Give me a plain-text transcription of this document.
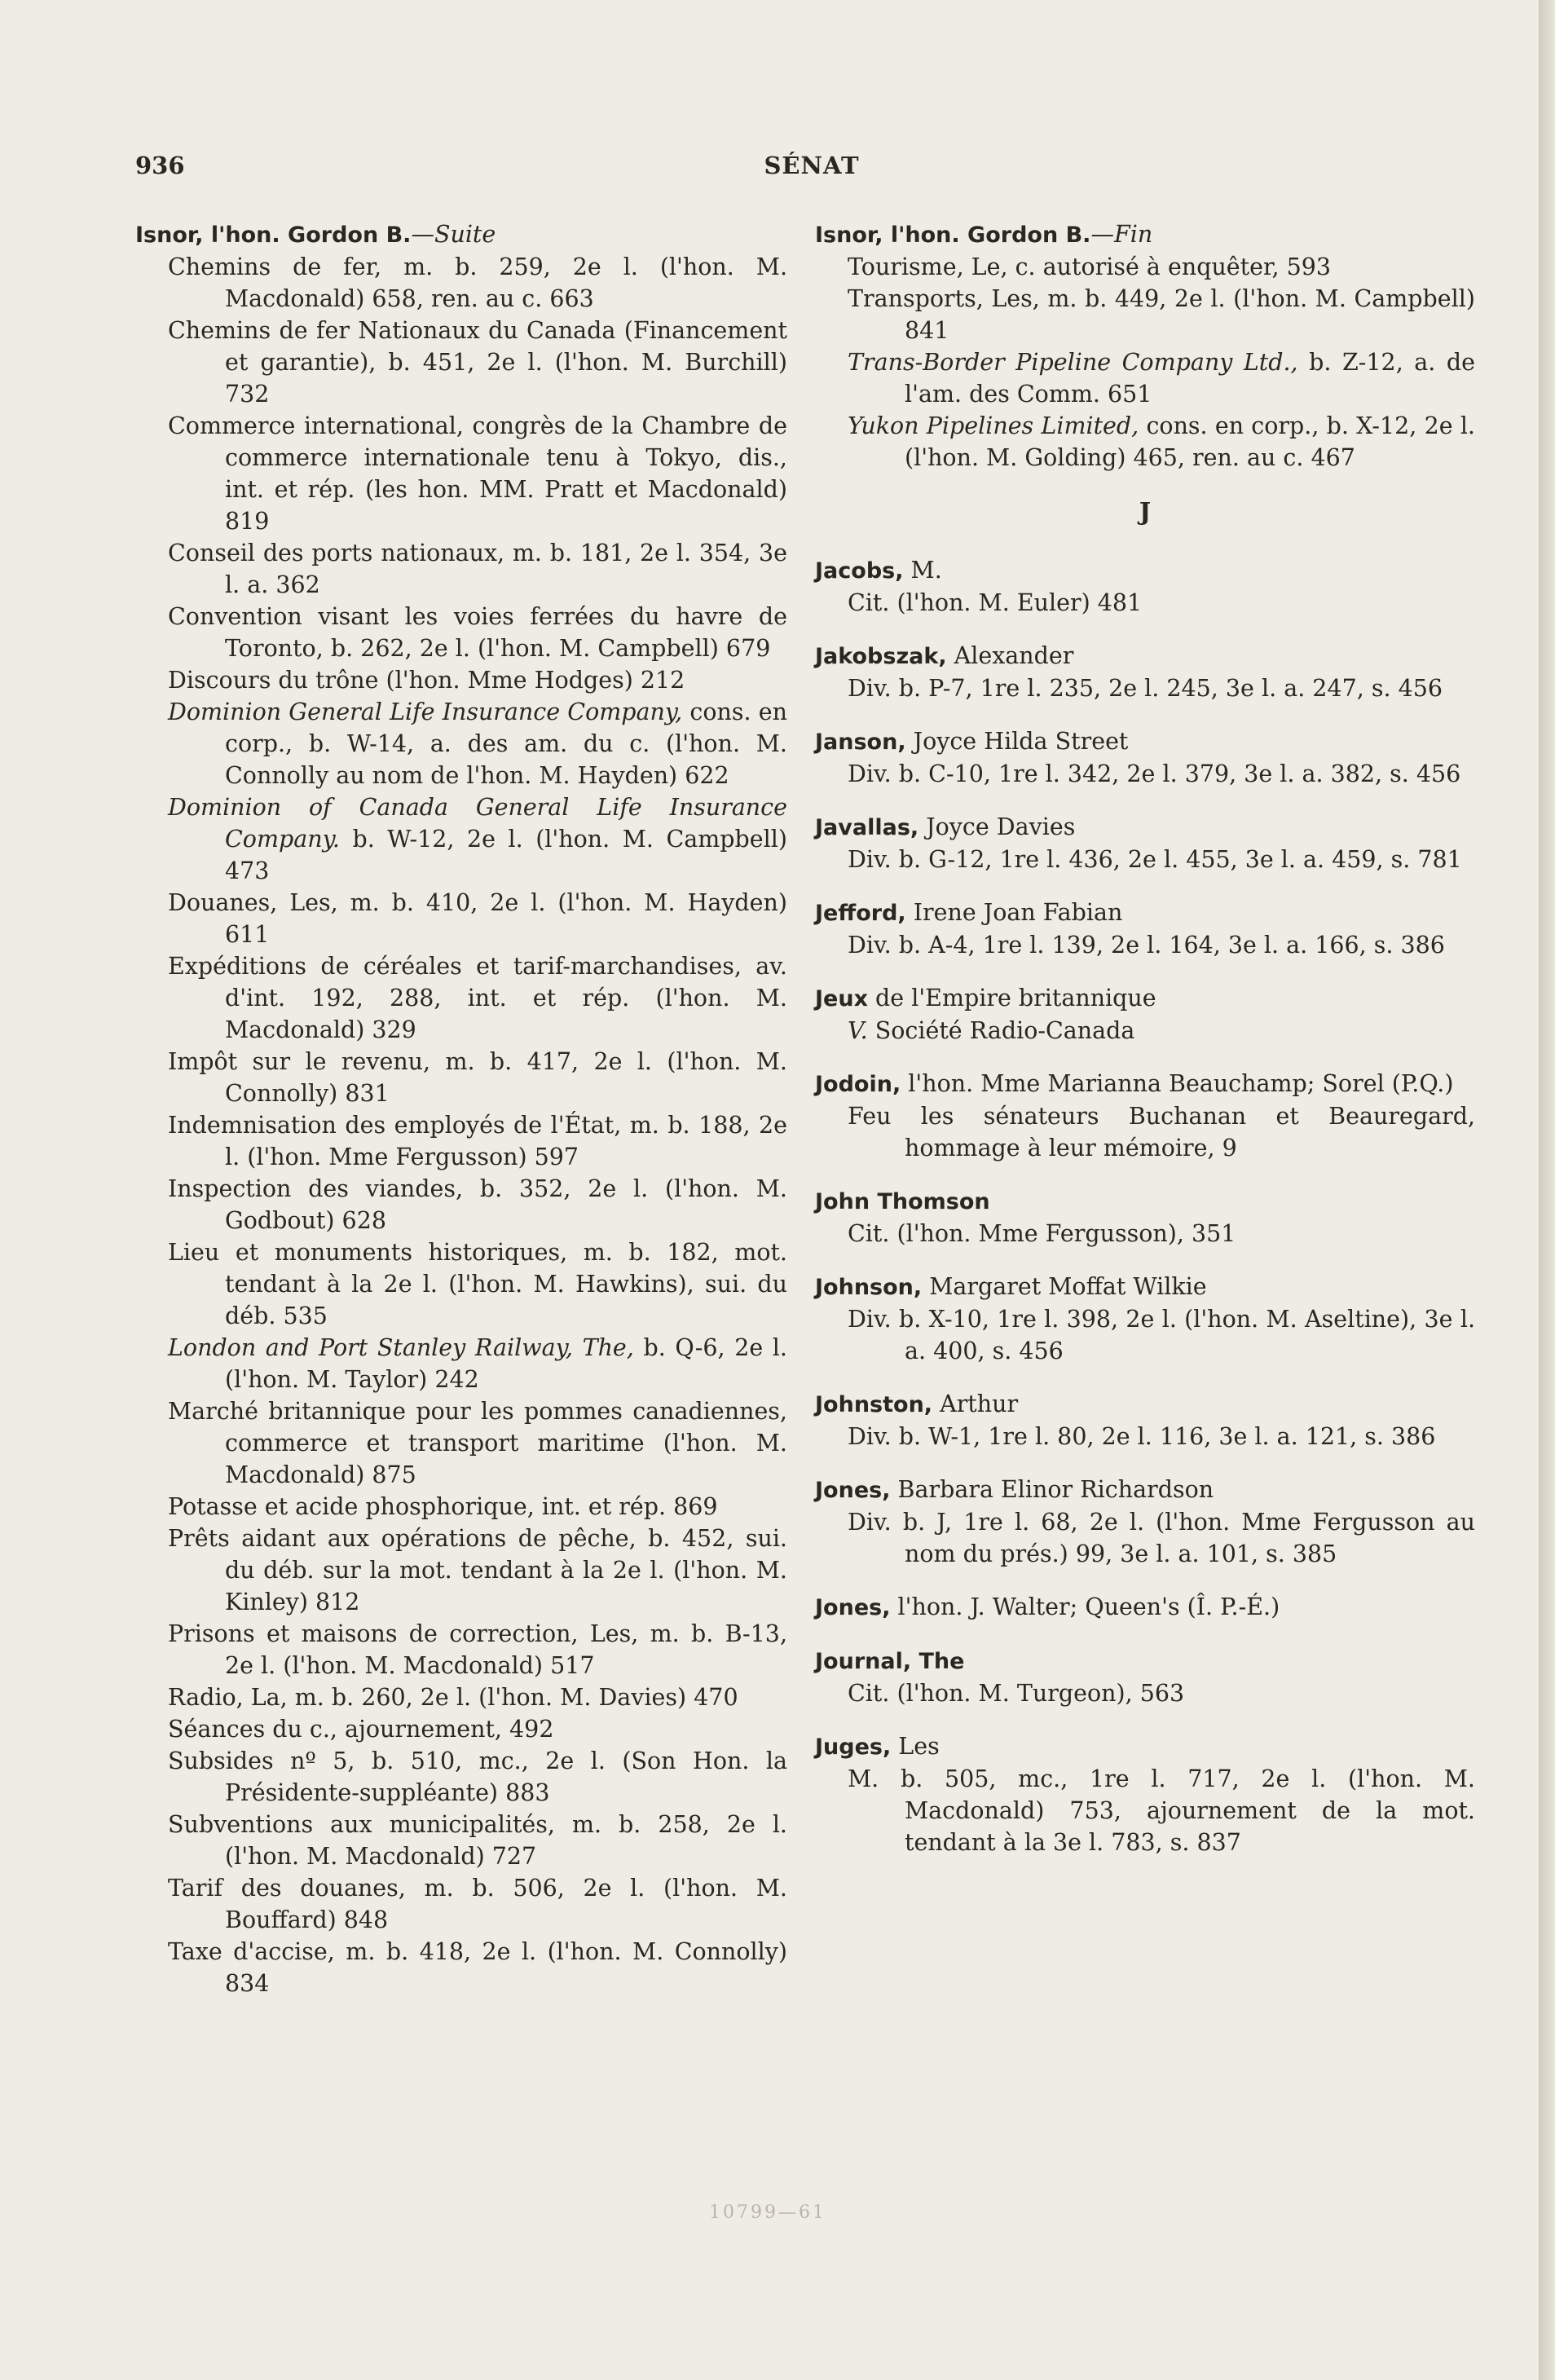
936	SÉNAT
Isnor, l'hon. Gordon B.—Suite
Chemins de fer, m. b. 259, 2e l. (l'hon. M. Macdonald) 658, ren. au c. 663
Chemins de fer Nationaux du Canada (Financement et garantie), b. 451, 2e l. (l'hon. M. Burchill) 732
Commerce international, congrès de la Chambre de commerce internationale tenu à Tokyo, dis., int. et rép. (les hon. MM. Pratt et Macdonald) 819
Conseil des ports nationaux, m. b. 181, 2e l. 354, 3e l. a. 362
Convention visant les voies ferrées du havre de Toronto, b. 262, 2e l. (l'hon. M. Campbell) 679
Discours du trône (l'hon. Mme Hodges) 212
Dominion General Life Insurance Company, cons. en corp., b. W-14, a. des am. du c. (l'hon. M. Connolly au nom de l'hon. M. Hayden) 622
Dominion of Canada General Life Insurance Company. b. W-12, 2e l. (l'hon. M. Campbell) 473
Douanes, Les, m. b. 410, 2e l. (l'hon. M. Hayden) 611
Expéditions de céréales et tarif-marchandises, av. d'int. 192, 288, int. et rép. (l'hon. M. Macdonald) 329
Impôt sur le revenu, m. b. 417, 2e l. (l'hon. M. Connolly) 831
Indemnisation des employés de l'État, m. b. 188, 2e l. (l'hon. Mme Fergusson) 597
Inspection des viandes, b. 352, 2e l. (l'hon. M. Godbout) 628
Lieu et monuments historiques, m. b. 182, mot. tendant à la 2e l. (l'hon. M. Hawkins), sui. du déb. 535
London and Port Stanley Railway, The, b. Q-6, 2e l. (l'hon. M. Taylor) 242
Marché britannique pour les pommes canadiennes, commerce et transport maritime (l'hon. M. Macdonald) 875
Potasse et acide phosphorique, int. et rép. 869
Prêts aidant aux opérations de pêche, b. 452, sui. du déb. sur la mot. tendant à la 2e l. (l'hon. M. Kinley) 812
Prisons et maisons de correction, Les, m. b. B-13, 2e l. (l'hon. M. Macdonald) 517
Radio, La, m. b. 260, 2e l. (l'hon. M. Davies) 470
Séances du c., ajournement, 492
Subsides nº 5, b. 510, mc., 2e l. (Son Hon. la Présidente-suppléante) 883
Subventions aux municipalités, m. b. 258, 2e l. (l'hon. M. Macdonald) 727
Tarif des douanes, m. b. 506, 2e l. (l'hon. M. Bouffard) 848
Taxe d'accise, m. b. 418, 2e l. (l'hon. M. Connolly) 834
Isnor, l'hon. Gordon B.—Fin
Tourisme, Le, c. autorisé à enquêter, 593
Transports, Les, m. b. 449, 2e l. (l'hon. M. Campbell) 841
Trans-Border Pipeline Company Ltd., b. Z-12, a. de l'am. des Comm. 651
Yukon Pipelines Limited, cons. en corp., b. X-12, 2e l. (l'hon. M. Golding) 465, ren. au c. 467
J
Jacobs, M.
Cit. (l'hon. M. Euler) 481
Jakobszak, Alexander
Div. b. P-7, 1re l. 235, 2e l. 245, 3e l. a. 247, s. 456
Janson, Joyce Hilda Street
Div. b. C-10, 1re l. 342, 2e l. 379, 3e l. a. 382, s. 456
Javallas, Joyce Davies
Div. b. G-12, 1re l. 436, 2e l. 455, 3e l. a. 459, s. 781
Jefford, Irene Joan Fabian
Div. b. A-4, 1re l. 139, 2e l. 164, 3e l. a. 166, s. 386
Jeux de l'Empire britannique
V. Société Radio-Canada
Jodoin, l'hon. Mme Marianna Beauchamp; Sorel (P.Q.)
Feu les sénateurs Buchanan et Beauregard, hommage à leur mémoire, 9
John Thomson
Cit. (l'hon. Mme Fergusson), 351
Johnson, Margaret Moffat Wilkie
Div. b. X-10, 1re l. 398, 2e l. (l'hon. M. Aseltine), 3e l. a. 400, s. 456
Johnston, Arthur
Div. b. W-1, 1re l. 80, 2e l. 116, 3e l. a. 121, s. 386
Jones, Barbara Elinor Richardson
Div. b. J, 1re l. 68, 2e l. (l'hon. Mme Fergusson au nom du prés.) 99, 3e l. a. 101, s. 385
Jones, l'hon. J. Walter; Queen's (Î. P.-É.)
Journal, The
Cit. (l'hon. M. Turgeon), 563
Juges, Les
M. b. 505, mc., 1re l. 717, 2e l. (l'hon. M. Macdonald) 753, ajournement de la mot. tendant à la 3e l. 783, s. 837
10799—61
